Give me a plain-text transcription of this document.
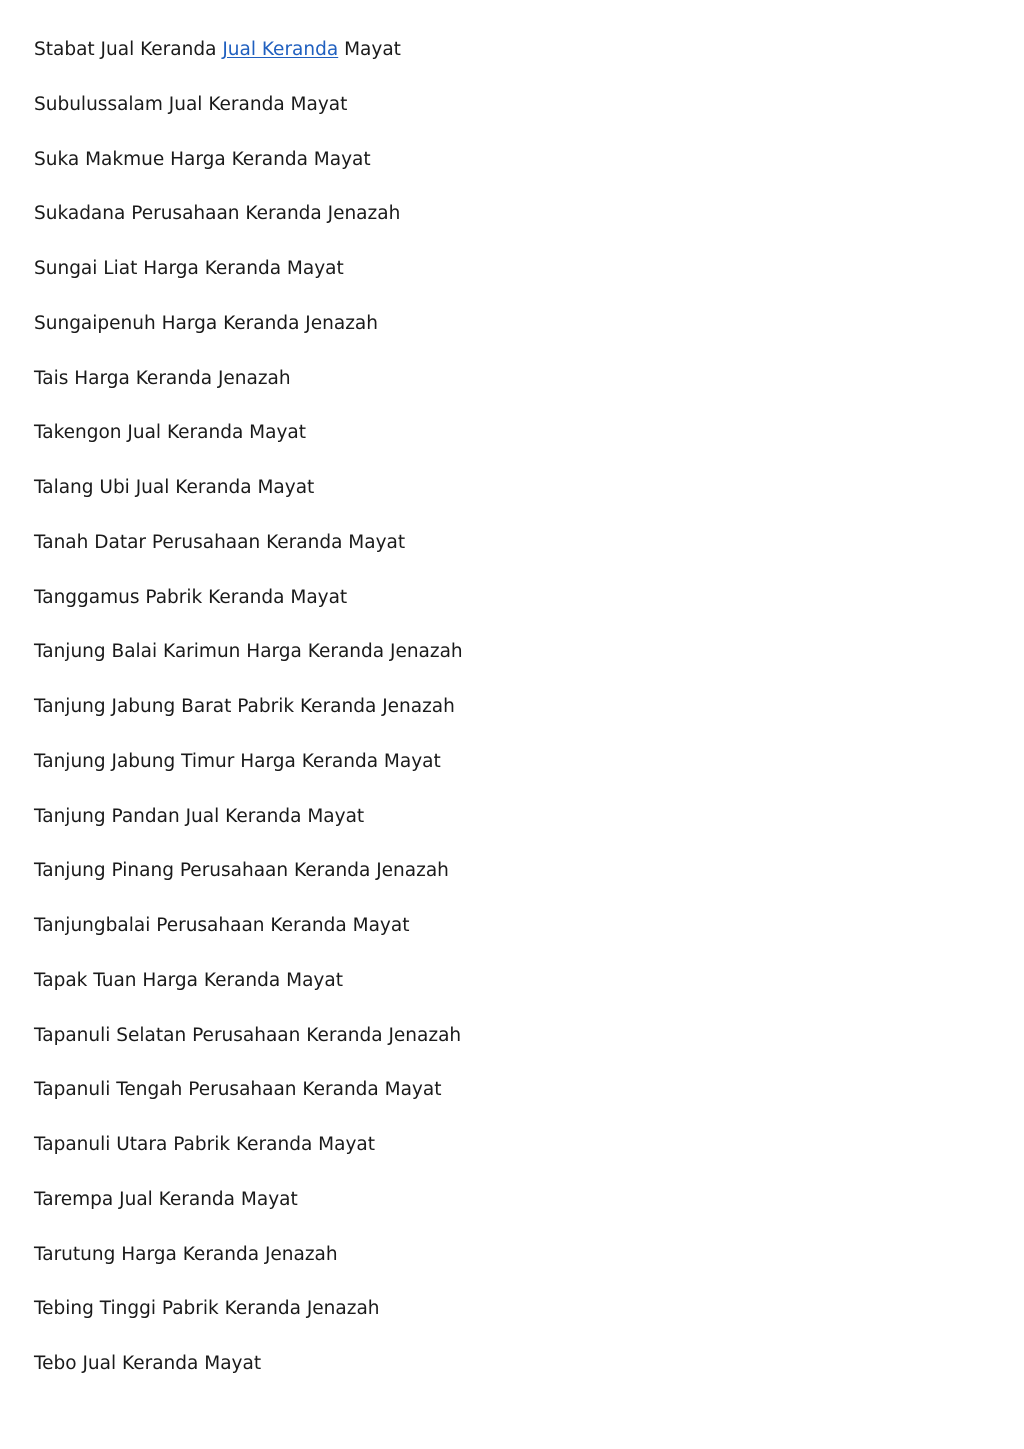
Stabat Jual Keranda Jual Keranda Mayat
Subulussalam Jual Keranda Mayat
Suka Makmue Harga Keranda Mayat
Sukadana Perusahaan Keranda Jenazah
Sungai Liat Harga Keranda Mayat
Sungaipenuh Harga Keranda Jenazah
Tais Harga Keranda Jenazah
Takengon Jual Keranda Mayat
Talang Ubi Jual Keranda Mayat
Tanah Datar Perusahaan Keranda Mayat
Tanggamus Pabrik Keranda Mayat
Tanjung Balai Karimun Harga Keranda Jenazah
Tanjung Jabung Barat Pabrik Keranda Jenazah
Tanjung Jabung Timur Harga Keranda Mayat
Tanjung Pandan Jual Keranda Mayat
Tanjung Pinang Perusahaan Keranda Jenazah
Tanjungbalai Perusahaan Keranda Mayat
Tapak Tuan Harga Keranda Mayat
Tapanuli Selatan Perusahaan Keranda Jenazah
Tapanuli Tengah Perusahaan Keranda Mayat
Tapanuli Utara Pabrik Keranda Mayat
Tarempa Jual Keranda Mayat
Tarutung Harga Keranda Jenazah
Tebing Tinggi Pabrik Keranda Jenazah
Tebo Jual Keranda Mayat
